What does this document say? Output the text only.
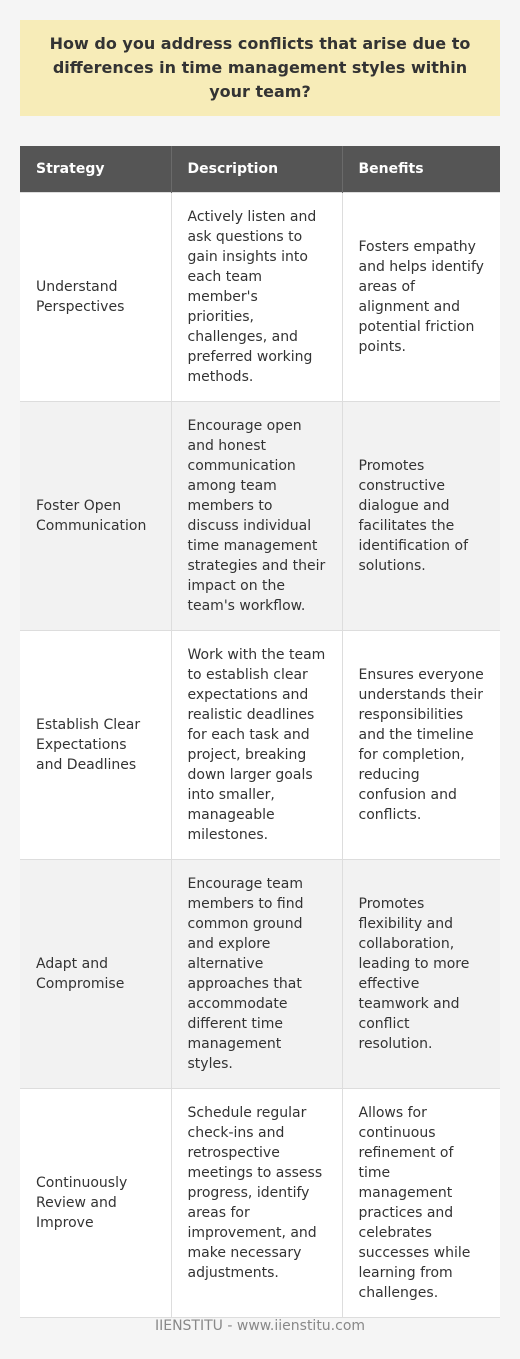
How do you address conflicts that arise due to differences in time management styles within your team?
Strategy	Description	Benefits
Understand Perspectives	Actively listen and ask questions to gain insights into each team member's priorities, challenges, and preferred working methods.	Fosters empathy and helps identify areas of alignment and potential friction points.
Foster Open Communication	Encourage open and honest communication among team members to discuss individual time management strategies and their impact on the team's workflow.	Promotes constructive dialogue and facilitates the identification of solutions.
Establish Clear Expectations and Deadlines	Work with the team to establish clear expectations and realistic deadlines for each task and project, breaking down larger goals into smaller, manageable milestones.	Ensures everyone understands their responsibilities and the timeline for completion, reducing confusion and conflicts.
Adapt and Compromise	Encourage team members to find common ground and explore alternative approaches that accommodate different time management styles.	Promotes flexibility and collaboration, leading to more effective teamwork and conflict resolution.
Continuously Review and Improve	Schedule regular check-ins and retrospective meetings to assess progress, identify areas for improvement, and make necessary adjustments.	Allows for continuous refinement of time management practices and celebrates successes while learning from challenges.
IIENSTITU - www.iienstitu.com
